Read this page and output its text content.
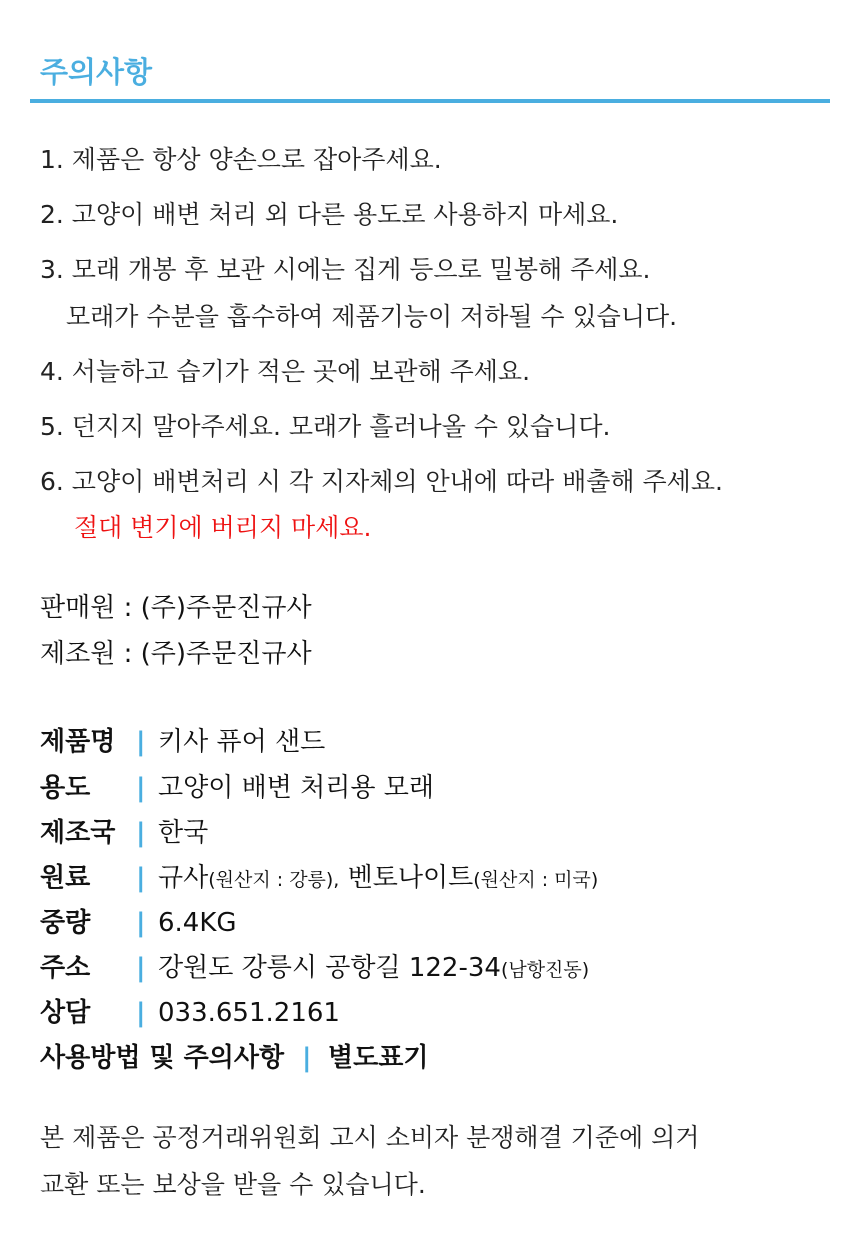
주의사항

1. 제품은 항상 양손으로 잡아주세요.

2. 고양이 배변 처리 외 다른 용도로 사용하지 마세요.

3. 모래 개봉 후 보관 시에는 집게 등으로 밀봉해 주세요.

모래가 수분을 흡수하여 제품기능이 저하될 수 있습니다.

4. 서늘하고 습기가 적은 곳에 보관해 주세요.

5. 던지지 말아주세요. 모래가 흘러나올 수 있습니다.

6. 고양이 배변처리 시 각 지자체의 안내에 따라 배출해 주세요.

절대 변기에 버리지 마세요.
판매원 : (주)주문진규사
제조원 : (주)주문진규사
제품명 | 키사 퓨어 샌드
용도	| 고양이 배변 처리용 모래
제조국 | 한국
원료	| 규사(원산지 : 강릉), 벤토나이트(원산지 : 미국)
중량	| 6.4KG
주소	| 강원도 강릉시 공항길 122-34(남항진동)
상담	| 033.651.2161
사용방법 및 주의사항 | 별도표기
본 제품은 공정거래위원회 고시 소비자 분쟁해결 기준에 의거
교환 또는 보상을 받을 수 있습니다.
